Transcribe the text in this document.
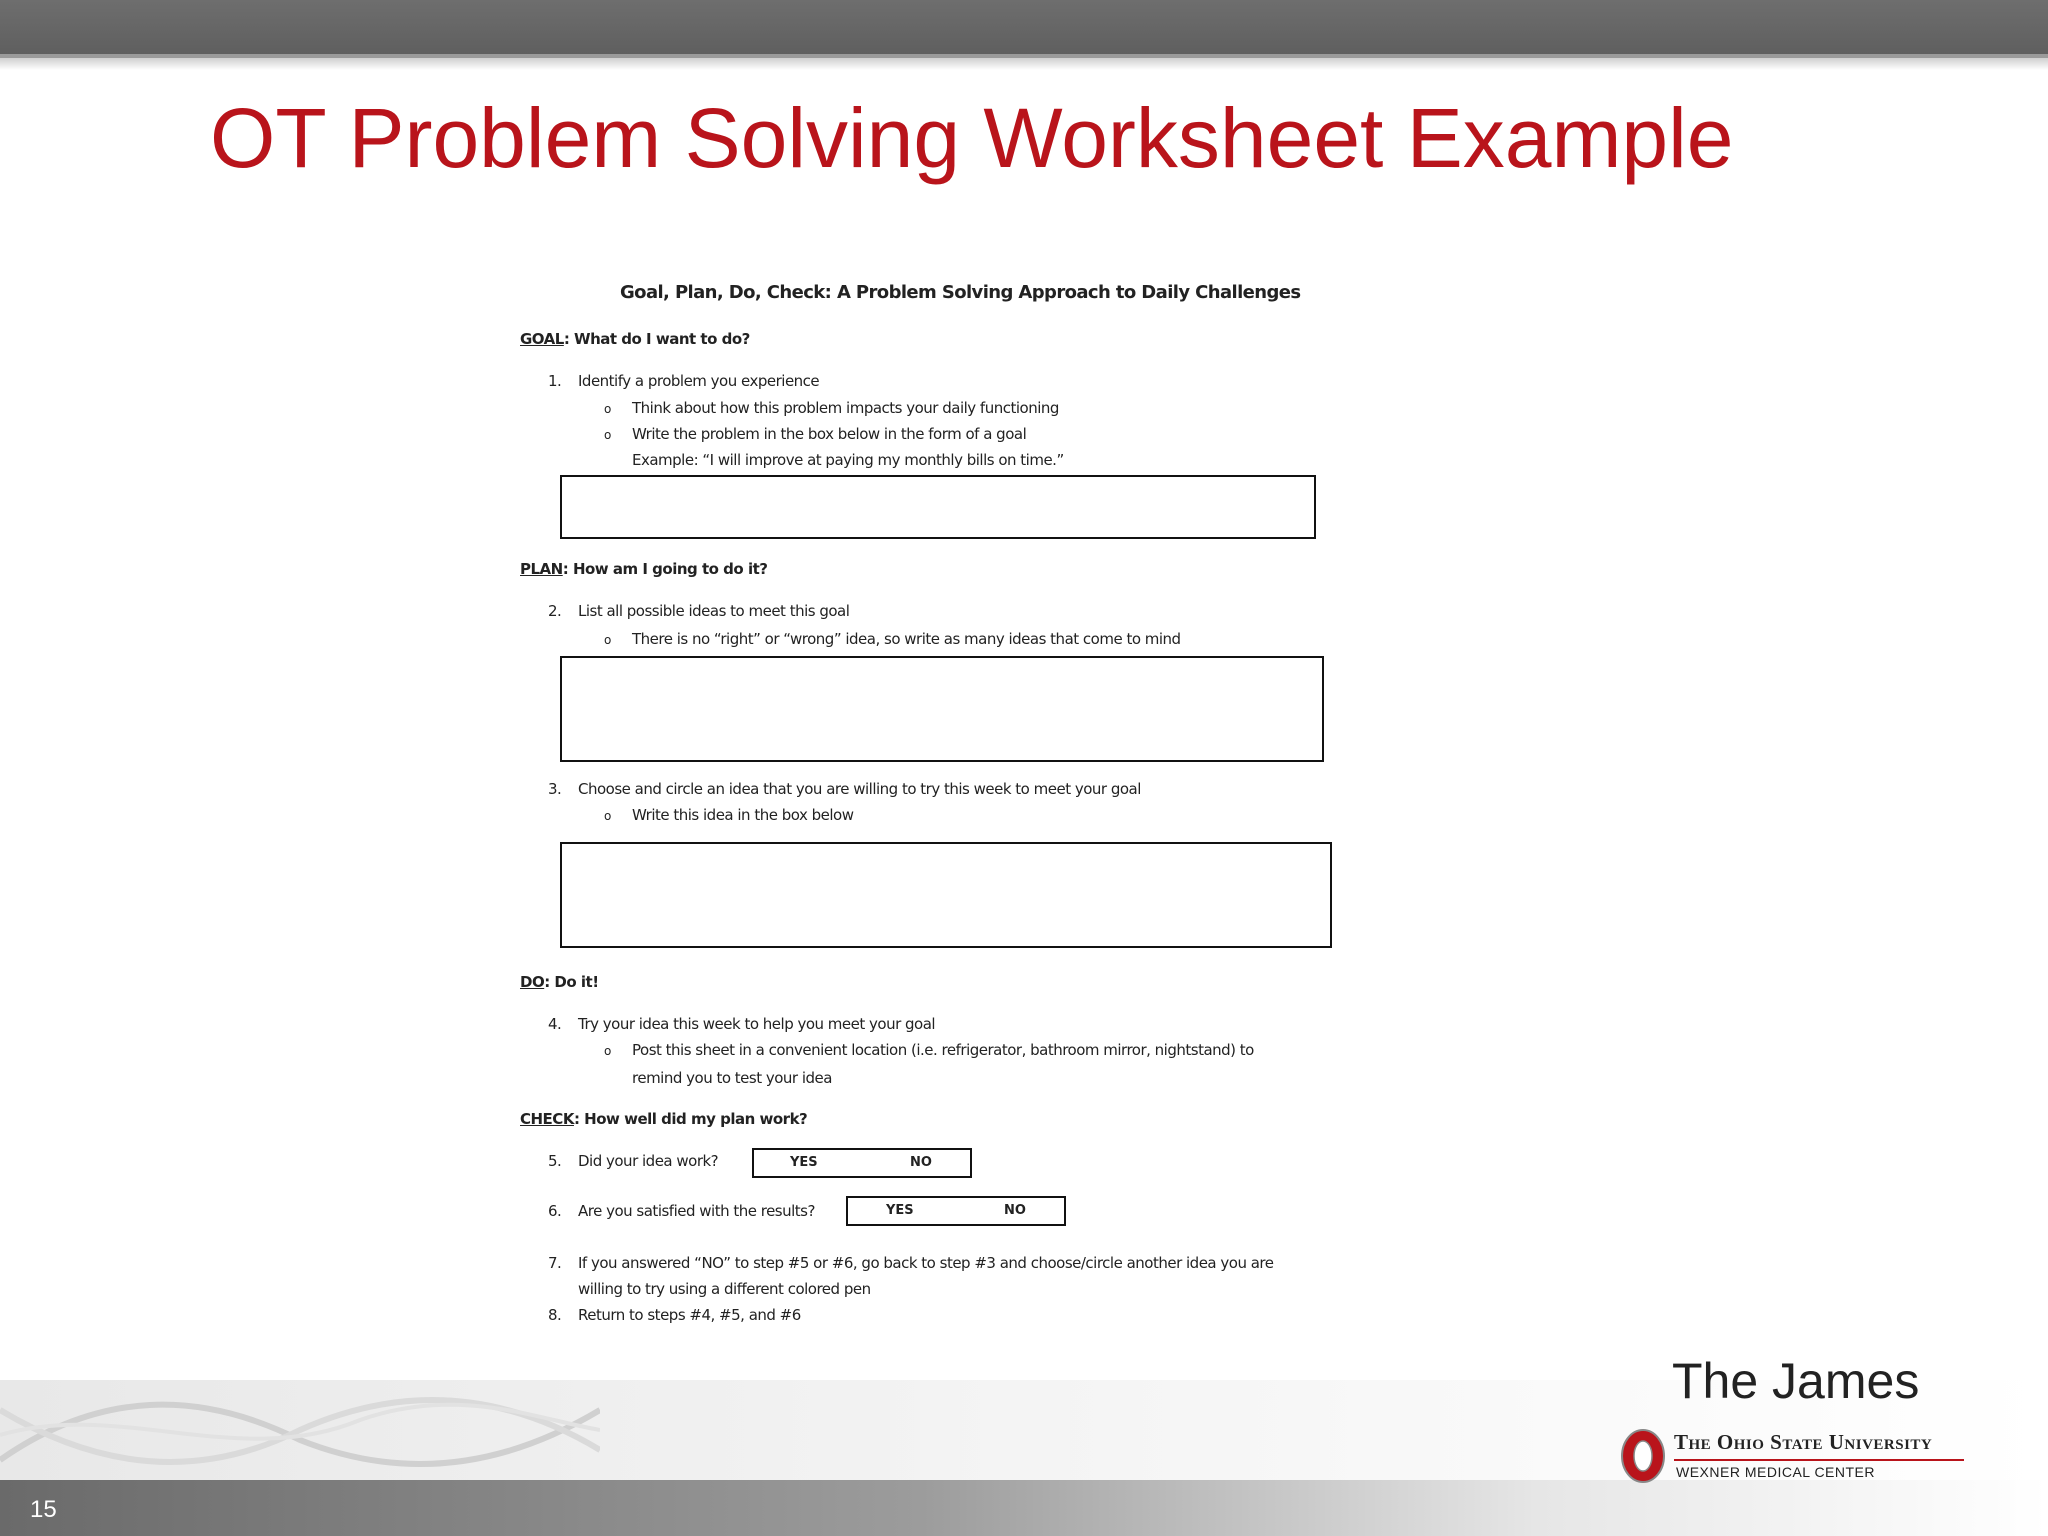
OT Problem Solving Worksheet Example
Goal, Plan, Do, Check: A Problem Solving Approach to Daily Challenges
GOAL: What do I want to do?
1. Identify a problem you experience
o Think about how this problem impacts your daily functioning
o Write the problem in the box below in the form of a goal
Example: “I will improve at paying my monthly bills on time.”
PLAN: How am I going to do it?
2. List all possible ideas to meet this goal
o There is no “right” or “wrong” idea, so write as many ideas that come to mind
3. Choose and circle an idea that you are willing to try this week to meet your goal
o Write this idea in the box below
DO: Do it!
4. Try your idea this week to help you meet your goal
o Post this sheet in a convenient location (i.e. refrigerator, bathroom mirror, nightstand) to
remind you to test your idea
CHECK: How well did my plan work?
5. Did your idea work?	YES	NO
6. Are you satisfied with the results?	YES	NO
7. If you answered “NO” to step #5 or #6, go back to step #3 and choose/circle another idea you are
willing to try using a different colored pen
8. Return to steps #4, #5, and #6
15
The James
The Ohio State University
WEXNER MEDICAL CENTER
